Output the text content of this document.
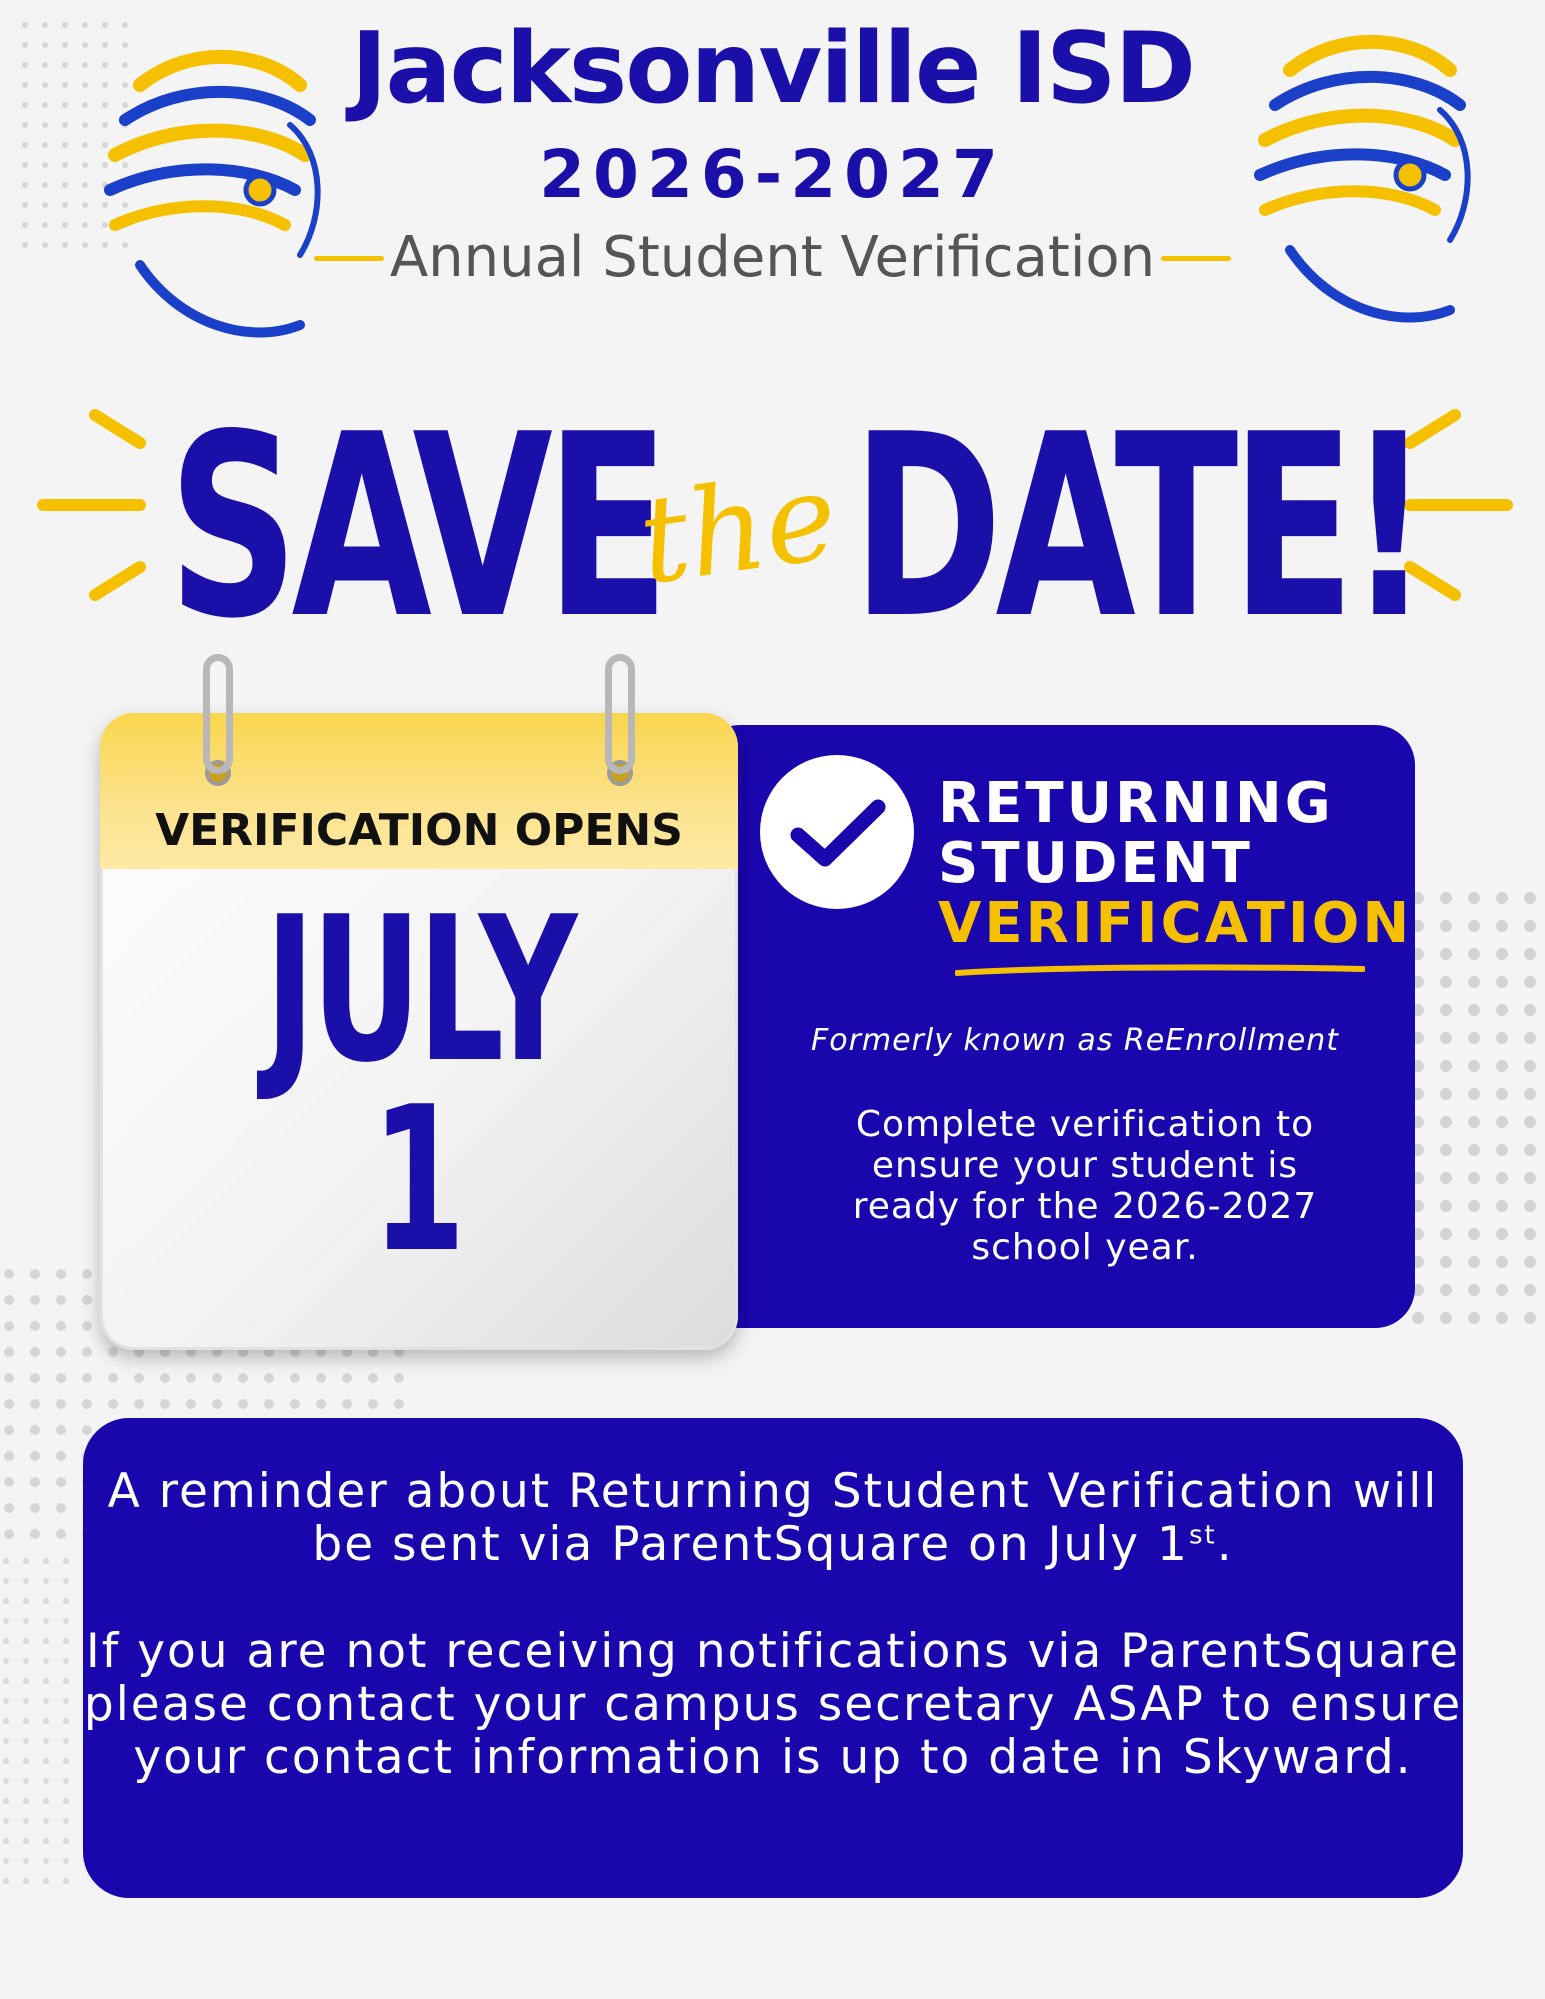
Jacksonville ISD
2026-2027
Annual Student Verification
SAVE
the DATE!
RETURNING
STUDENT
VERIFICATION
Formerly known as ReEnrollment
Complete verification to ensure your student is ready for the 2026-2027 school year.
VERIFICATION OPENS
JULY
1
A reminder about Returning Student Verification will be sent via ParentSquare on July 1st.
If you are not receiving notifications via ParentSquare please contact your campus secretary ASAP to ensure your contact information is up to date in Skyward.
